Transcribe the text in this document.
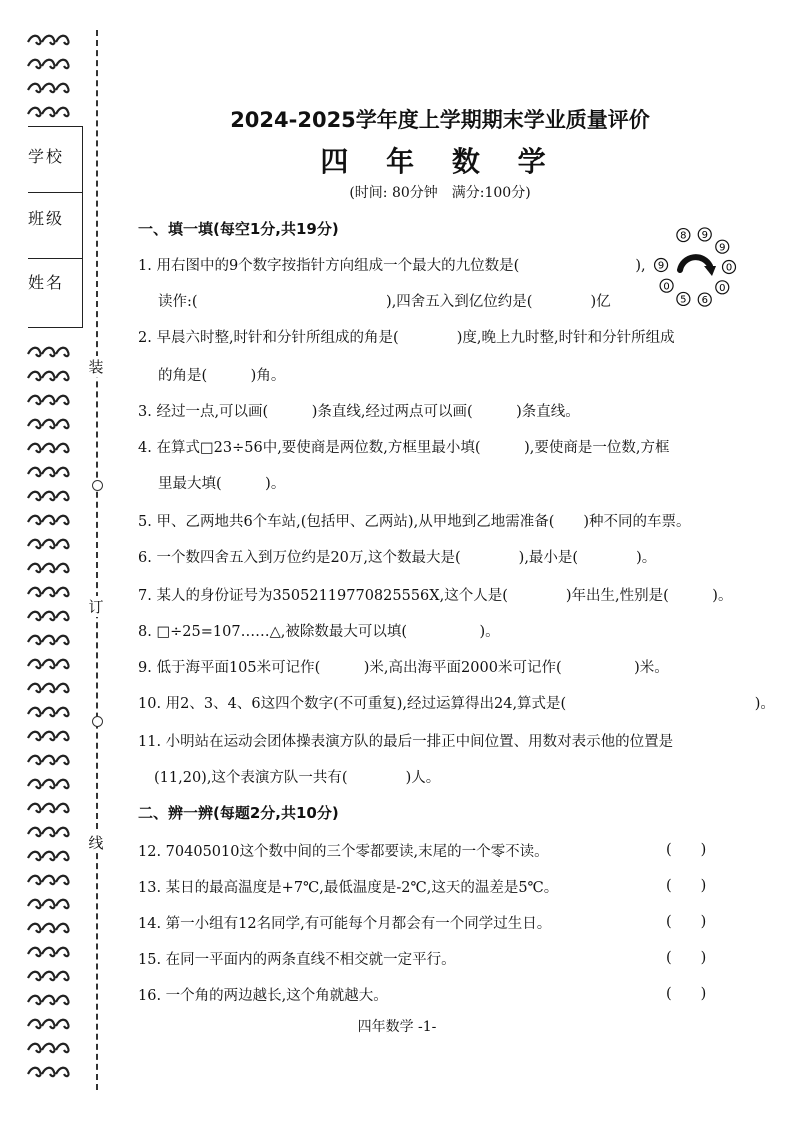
装
订
线
学校
班级
姓名
2024-2025学年度上学期期末学业质量评价
四 年 数 学
(时间: 80分钟　满分:100分)
一、填一填(每空1分,共19分)
1. 用右图中的9个数字按指针方向组成一个最大的九位数是(　　　　　　　　),
读作:(　　　　　　　　　　　　　),四舍五入到亿位约是(　　　　)亿
8 9
9
0
0
6
5
0
9
2. 早晨六时整,时针和分针所组成的角是(　　　　)度,晚上九时整,时针和分针所组成
的角是(　　　)角。
3. 经过一点,可以画(　　　)条直线,经过两点可以画(　　　)条直线。
4. 在算式□23÷56中,要使商是两位数,方框里最小填(　　　),要使商是一位数,方框
里最大填(　　　)。
5. 甲、乙两地共6个车站,(包括甲、乙两站),从甲地到乙地需准备(　　)种不同的车票。
6. 一个数四舍五入到万位约是20万,这个数最大是(　　　　),最小是(　　　　)。
7. 某人的身份证号为35052119770825556X,这个人是(　　　　)年出生,性别是(　　　)。
8. □÷25=107……△,被除数最大可以填(　　　　　)。
9. 低于海平面105米可记作(　　　)米,高出海平面2000米可记作(　　　　　)米。
10. 用2、3、4、6这四个数字(不可重复),经过运算得出24,算式是(　　　　　　　　　　　　　)。
11. 小明站在运动会团体操表演方队的最后一排正中间位置、用数对表示他的位置是
(11,20),这个表演方队一共有(　　　　)人。
二、辨一辨(每题2分,共10分)
12. 70405010这个数中间的三个零都要读,末尾的一个零不读。	(　　)
13. 某日的最高温度是+7℃,最低温度是-2℃,这天的温差是5℃。	(　　)
14. 第一小组有12名同学,有可能每个月都会有一个同学过生日。	(　　)
15. 在同一平面内的两条直线不相交就一定平行。	(　　)
16. 一个角的两边越长,这个角就越大。	(　　)
四年数学 -1-
